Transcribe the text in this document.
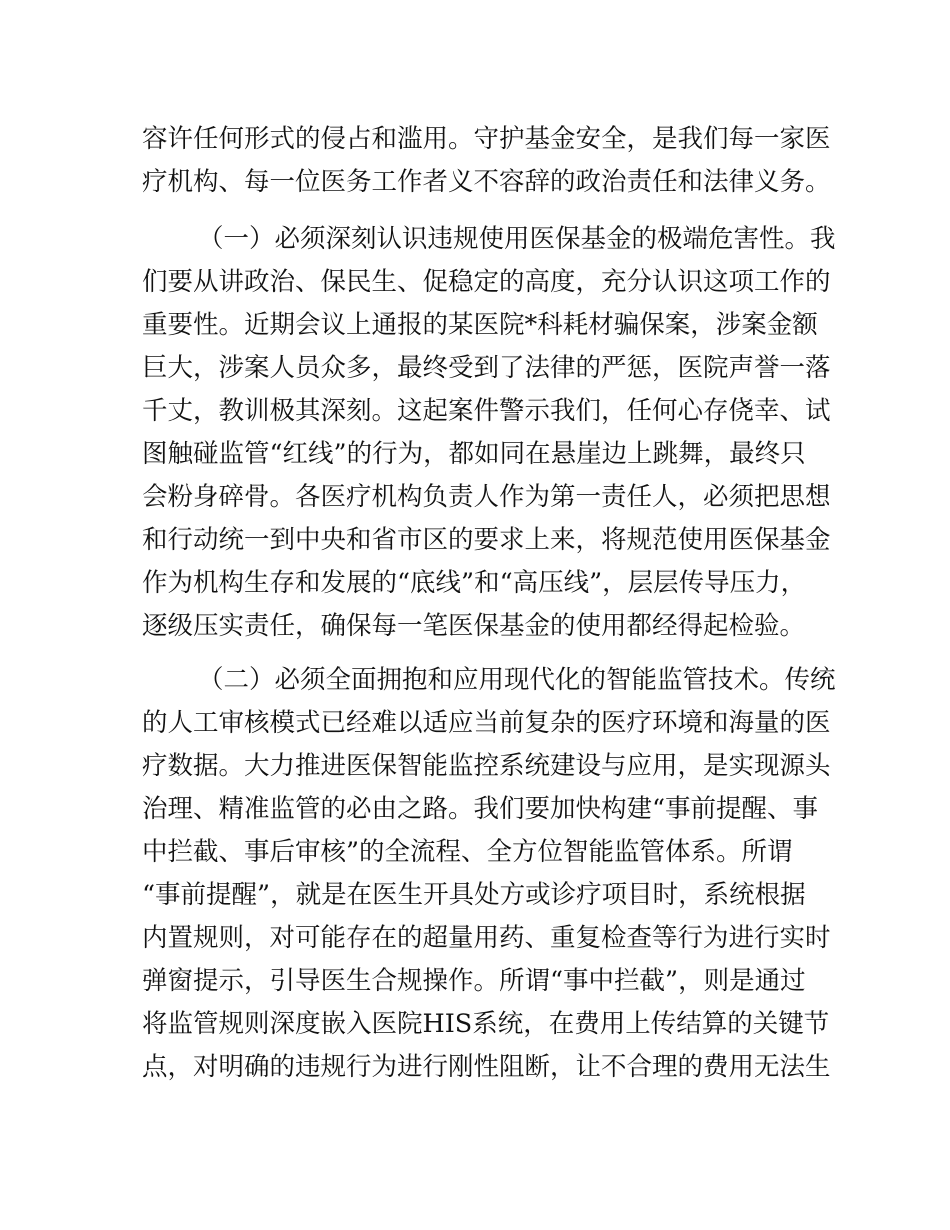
容许任何形式的侵占和滥用。守护基金安全，是我们每一家医
疗机构、每一位医务工作者义不容辞的政治责任和法律义务。
（一）必须深刻认识违规使用医保基金的极端危害性。我
们要从讲政治、保民生、促稳定的高度，充分认识这项工作的
重要性。近期会议上通报的某医院*科耗材骗保案，涉案金额
巨大，涉案人员众多，最终受到了法律的严惩，医院声誉一落
千丈，教训极其深刻。这起案件警示我们，任何心存侥幸、试
图触碰监管“红线”的行为，都如同在悬崖边上跳舞，最终只
会粉身碎骨。各医疗机构负责人作为第一责任人，必须把思想
和行动统一到中央和省市区的要求上来，将规范使用医保基金
作为机构生存和发展的“底线”和“高压线”，层层传导压力，
逐级压实责任，确保每一笔医保基金的使用都经得起检验。
（二）必须全面拥抱和应用现代化的智能监管技术。传统
的人工审核模式已经难以适应当前复杂的医疗环境和海量的医
疗数据。大力推进医保智能监控系统建设与应用，是实现源头
治理、精准监管的必由之路。我们要加快构建“事前提醒、事
中拦截、事后审核”的全流程、全方位智能监管体系。所谓
“事前提醒”，就是在医生开具处方或诊疗项目时，系统根据
内置规则，对可能存在的超量用药、重复检查等行为进行实时
弹窗提示，引导医生合规操作。所谓“事中拦截”，则是通过
将监管规则深度嵌入医院HIS系统，在费用上传结算的关键节
点，对明确的违规行为进行刚性阻断，让不合理的费用无法生
